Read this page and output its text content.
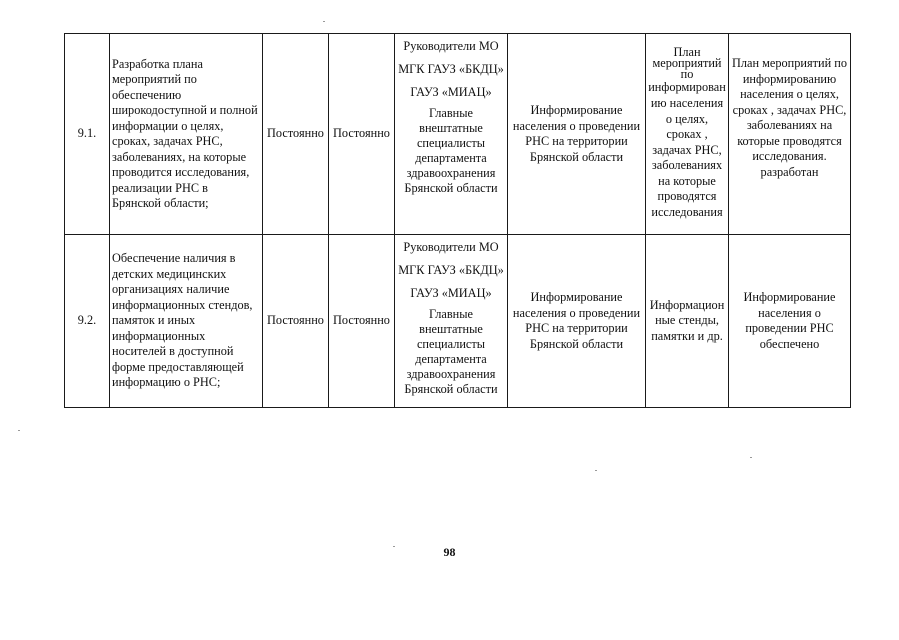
9.1.	Разработка плана мероприятий по обеспечению широкодоступной и полной информации о целях, сроках, задачах РНС, заболеваниях, на которые проводится исследования, реализации РНС в Брянской области;	Постоянно	Постоянно	Руководители МО
МГК ГАУЗ «БКДЦ»
ГАУЗ «МИАЦ»
Главные внештатные специалисты департамента здравоохранения Брянской области	Информирование населения о проведении РНС на территории Брянской области	План мероприятий по
информирован ию населения о целях, сроках , задачах РНС, заболеваниях на которые проводятся исследования	План мероприятий по информированию населения о целях, сроках , задачах РНС, заболеваниях на которые проводятся исследования. разработан
9.2.	Обеспечение наличия в детских медицинских организациях наличие информационных стендов, памяток и иных информационных носителей в доступной форме предоставляющей информацию о РНС;	Постоянно	Постоянно	Руководители МО
МГК ГАУЗ «БКДЦ»
ГАУЗ «МИАЦ»
Главные внештатные специалисты департамента здравоохранения Брянской области	Информирование населения о проведении РНС на территории Брянской области	Информацион ные стенды, памятки и др.	Информирование населения о проведении РНС обеспечено
98
